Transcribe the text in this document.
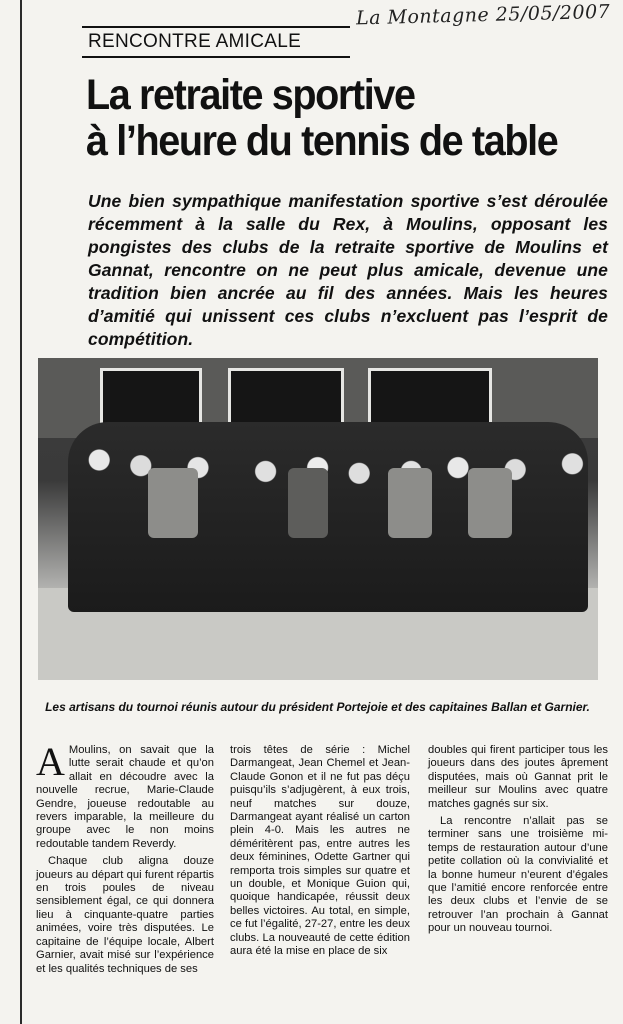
La Montagne 25/05/2007
RENCONTRE AMICALE
La retraite sportive
à l’heure du tennis de table
Une bien sympathique manifestation sportive s’est déroulée récemment à la salle du Rex, à Moulins, opposant les pongistes des clubs de la retraite sportive de Moulins et Gannat, rencontre on ne peut plus amicale, devenue une tradition bien ancrée au fil des années. Mais les heures d’amitié qui unissent ces clubs n’excluent pas l’esprit de compétition.
Les artisans du tournoi réunis autour du président Portejoie et des capitaines Ballan et Garnier.

A Moulins, on savait que la lutte serait chaude et qu’on allait en découdre avec la nouvelle recrue, Marie-Claude Gendre, joueuse redoutable au revers imparable, la meilleure du groupe avec le non moins redoutable tandem Reverdy.

Chaque club aligna douze joueurs au départ qui furent répartis en trois poules de niveau sensiblement égal, ce qui donnera lieu à cinquante-quatre parties animées, voire très disputées. Le capitaine de l’équipe locale, Albert Garnier, avait misé sur l’expérience et les qualités techniques de ses

trois têtes de série : Michel Darmangeat, Jean Chemel et Jean-Claude Gonon et il ne fut pas déçu puisqu’ils s’adjugèrent, à eux trois, neuf matches sur douze, Darmangeat ayant réalisé un carton plein 4-0. Mais les autres ne déméritèrent pas, entre autres les deux féminines, Odette Gartner qui remporta trois simples sur quatre et un double, et Monique Guion qui, quoique handicapée, réussit deux belles victoires. Au total, en simple, ce fut l’égalité, 27-27, entre les deux clubs. La nouveauté de cette édition aura été la mise en place de six

doubles qui firent participer tous les joueurs dans des joutes âprement disputées, mais où Gannat prit le meilleur sur Moulins avec quatre matches gagnés sur six.

La rencontre n’allait pas se terminer sans une troisième mi-temps de restauration autour d’une petite collation où la convivialité et la bonne humeur n’eurent d’égales que l’amitié encore renforcée entre les deux clubs et l’envie de se retrouver l’an prochain à Gannat pour un nouveau tournoi.
